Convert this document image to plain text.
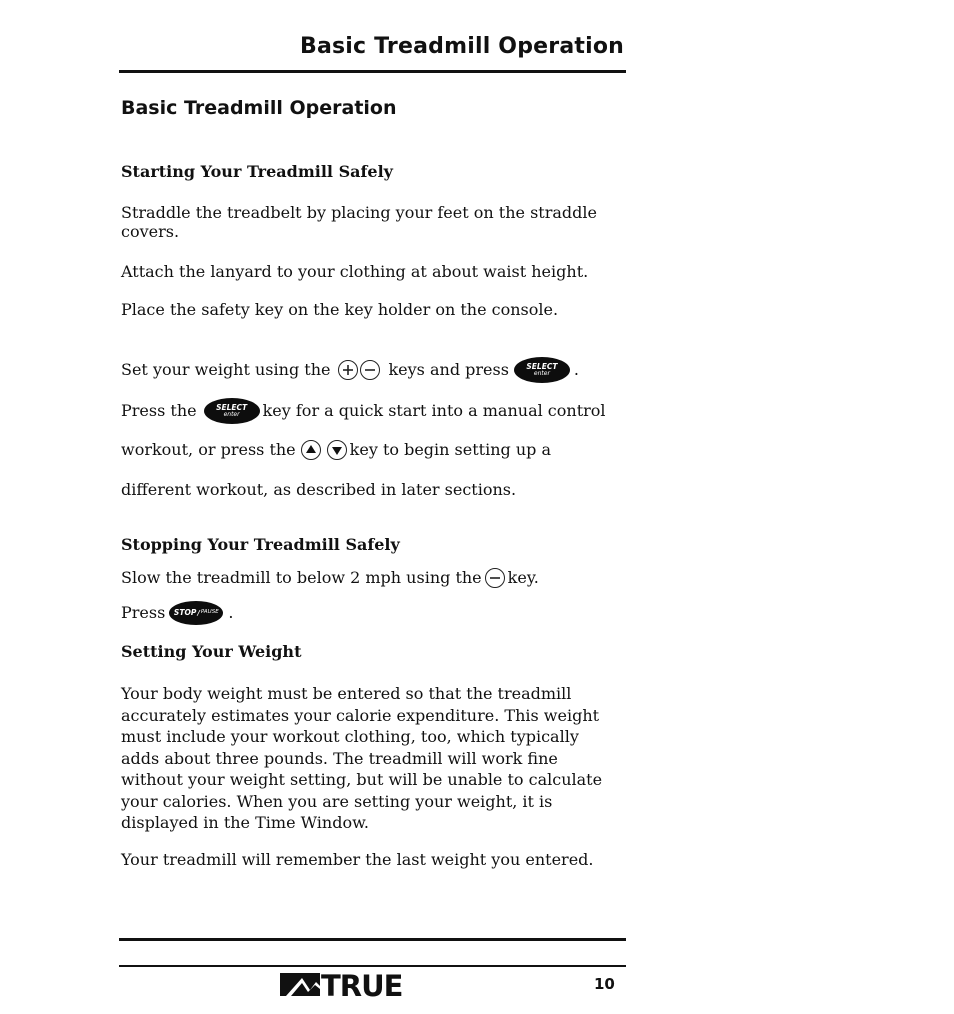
Basic Treadmill Operation
Basic Treadmill Operation
Starting Your Treadmill Safely
Straddle the treadbelt by placing your feet on the straddle
covers.
Attach the lanyard to your clothing at about waist height.
Place the safety key on the key holder on the console.
Set your weight using the	keys and press SELECT
enter .
Press the	SELECT
enter key for a quick start into a manual control
workout, or press the	key to begin setting up a
different workout, as described in later sections.
Stopping Your Treadmill Safely
Slow the treadmill to below 2 mph using the key.
Press STOP / PAUSE .
Setting Your Weight
Your body weight must be entered so that the treadmill
accurately estimates your calorie expenditure. This weight
must include your workout clothing, too, which typically
adds about three pounds. The treadmill will work fine
without your weight setting, but will be unable to calculate
your calories. When you are setting your weight, it is
displayed in the Time Window.
Your treadmill will remember the last weight you entered.
TRUE	10
